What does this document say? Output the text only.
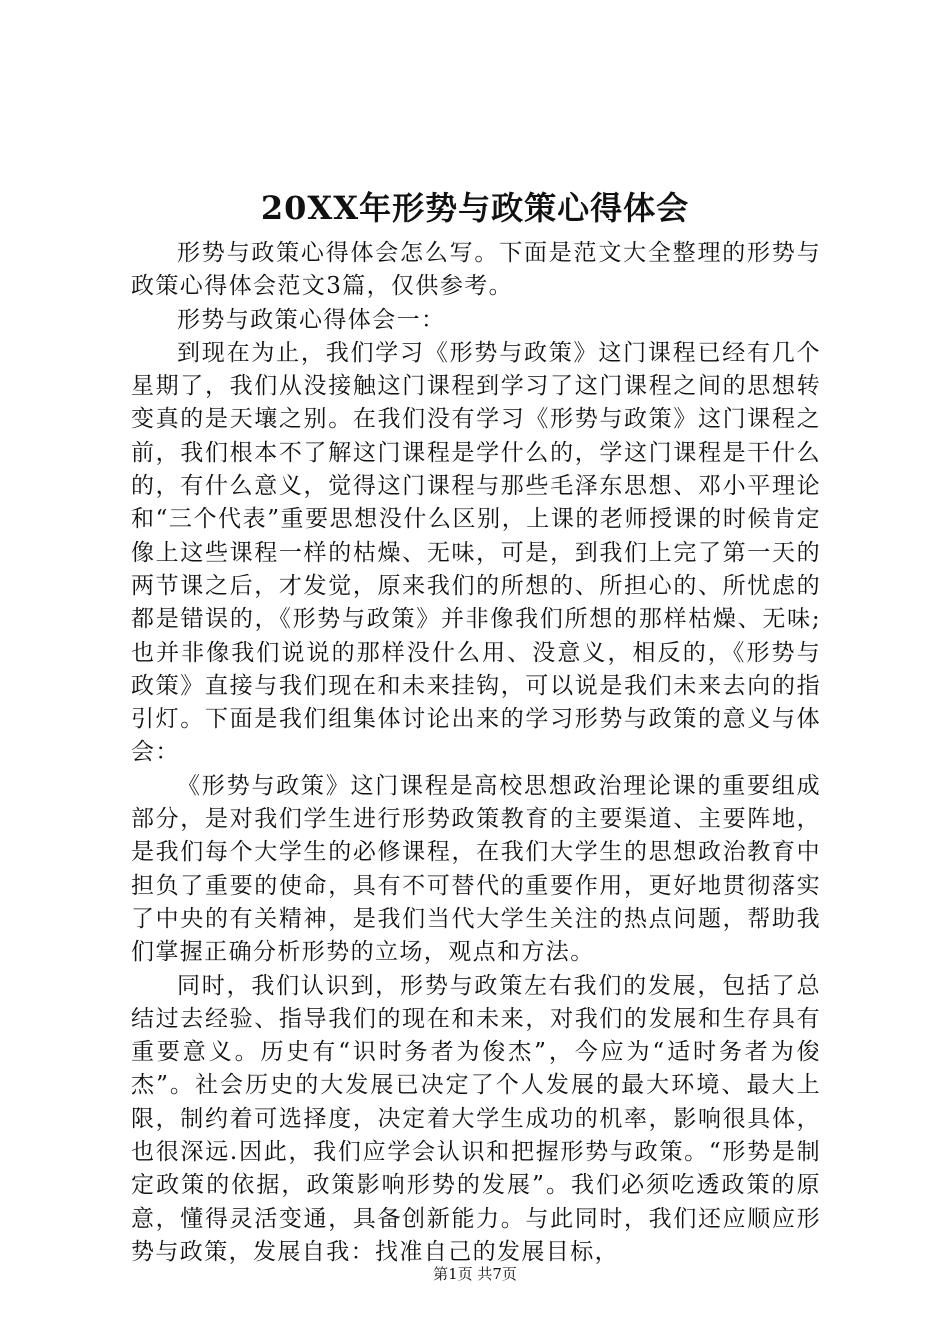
20XX年形势与政策心得体会

形势与政策心得体会怎么写。下面是范文大全整理的形势与政策心得体会范文3篇，仅供参考。

形势与政策心得体会一：

到现在为止，我们学习《形势与政策》这门课程已经有几个星期了，我们从没接触这门课程到学习了这门课程之间的思想转变真的是天壤之别。在我们没有学习《形势与政策》这门课程之前，我们根本不了解这门课程是学什么的，学这门课程是干什么的，有什么意义，觉得这门课程与那些毛泽东思想、邓小平理论和“三个代表”重要思想没什么区别，上课的老师授课的时候肯定像上这些课程一样的枯燥、无味，可是，到我们上完了第一天的两节课之后，才发觉，原来我们的所想的、所担心的、所忧虑的都是错误的，《形势与政策》并非像我们所想的那样枯燥、无味;也并非像我们说说的那样没什么用、没意义，相反的，《形势与政策》直接与我们现在和未来挂钩，可以说是我们未来去向的指引灯。下面是我们组集体讨论出来的学习形势与政策的意义与体会：

《形势与政策》这门课程是高校思想政治理论课的重要组成部分，是对我们学生进行形势政策教育的主要渠道、主要阵地，是我们每个大学生的必修课程，在我们大学生的思想政治教育中担负了重要的使命，具有不可替代的重要作用，更好地贯彻落实了中央的有关精神，是我们当代大学生关注的热点问题，帮助我们掌握正确分析形势的立场，观点和方法。

同时，我们认识到，形势与政策左右我们的发展，包括了总结过去经验、指导我们的现在和未来，对我们的发展和生存具有重要意义。历史有“识时务者为俊杰”，今应为“适时务者为俊杰”。社会历史的大发展已决定了个人发展的最大环境、最大上限，制约着可选择度，决定着大学生成功的机率，影响很具体，也很深远.因此，我们应学会认识和把握形势与政策。“形势是制定政策的依据，政策影响形势的发展”。我们必须吃透政策的原意，懂得灵活变通，具备创新能力。与此同时，我们还应顺应形势与政策，发展自我：找准自己的发展目标，

第1页 共7页
